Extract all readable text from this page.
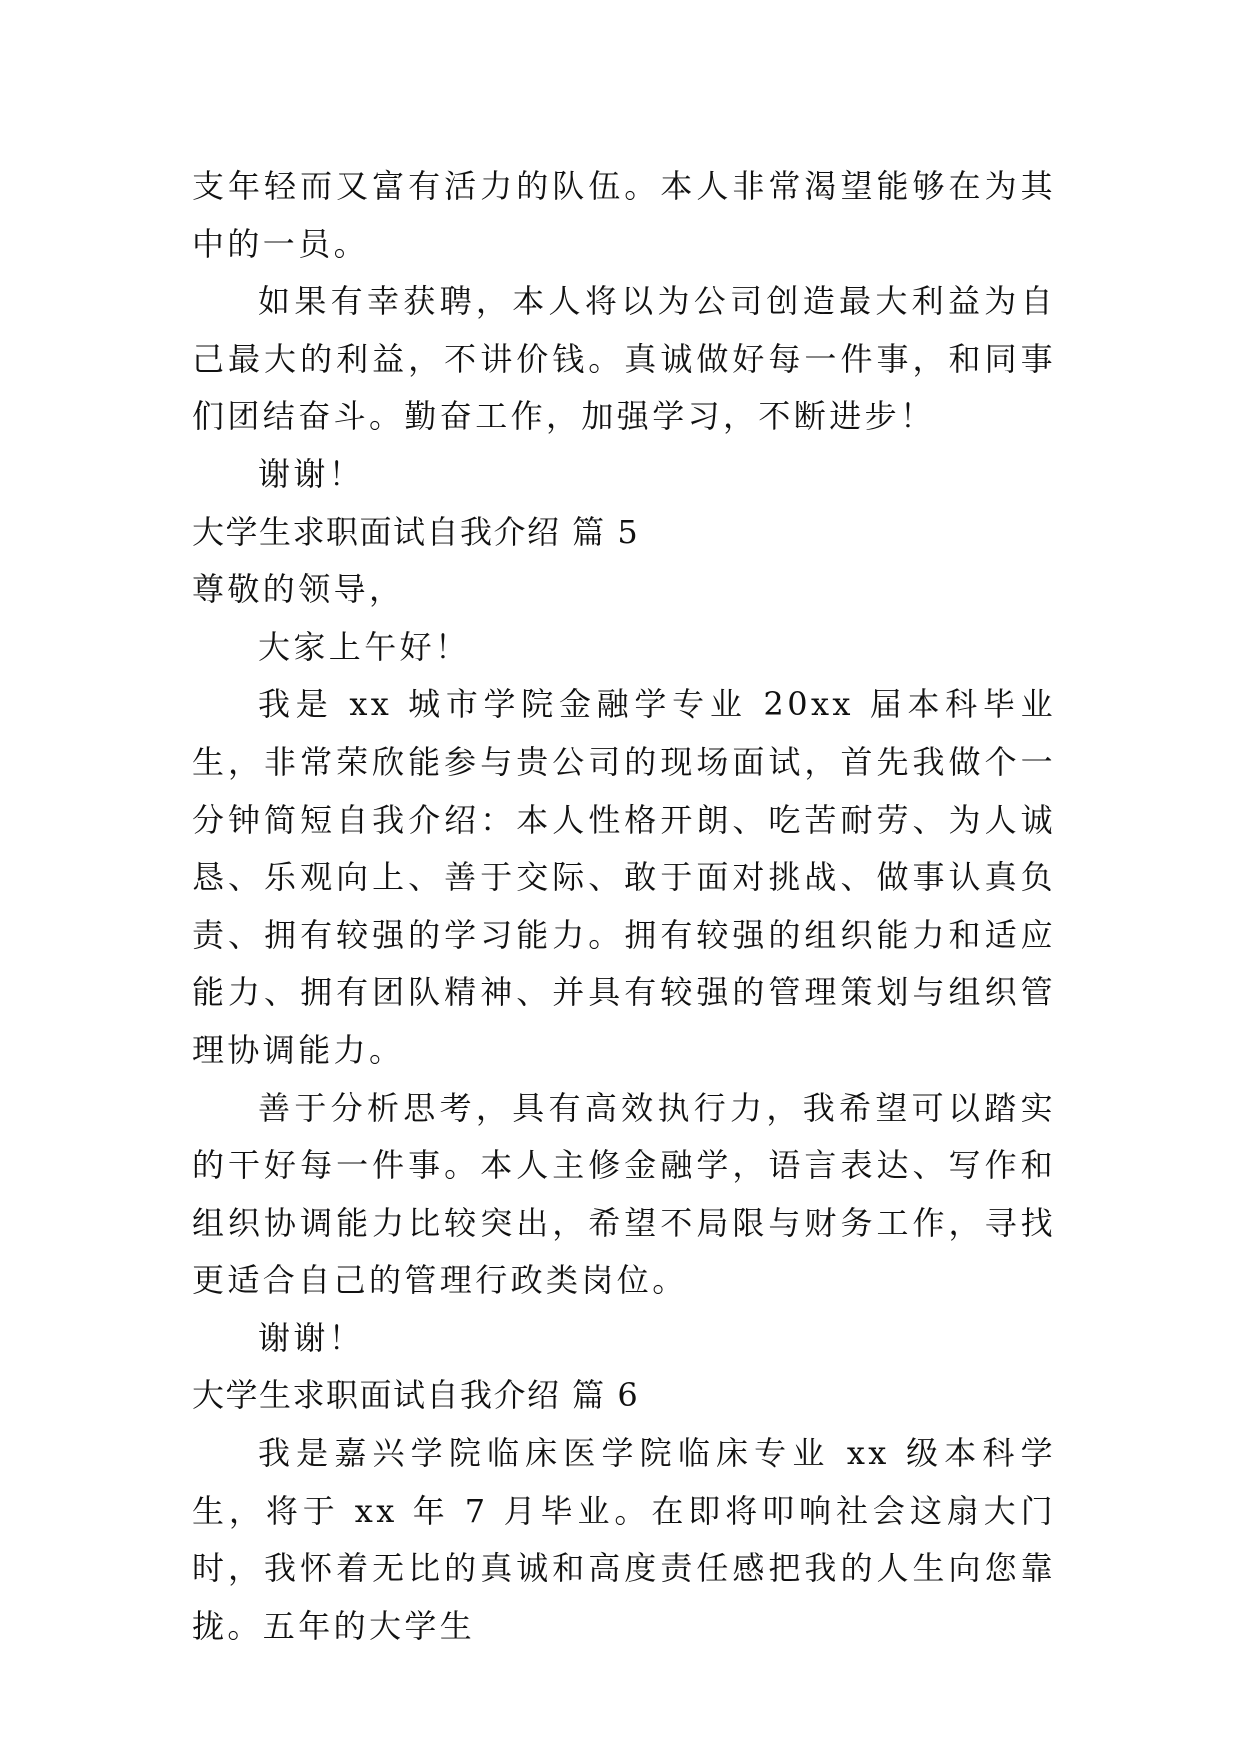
支年轻而又富有活力的队伍。本人非常渴望能够在为其中的一员。

如果有幸获聘，本人将以为公司创造最大利益为自己最大的利益，不讲价钱。真诚做好每一件事，和同事们团结奋斗。勤奋工作，加强学习，不断进步！

谢谢！

大学生求职面试自我介绍 篇 5

尊敬的领导，

大家上午好！

我是 xx 城市学院金融学专业 20xx 届本科毕业生，非常荣欣能参与贵公司的现场面试，首先我做个一分钟简短自我介绍：本人性格开朗、吃苦耐劳、为人诚恳、乐观向上、善于交际、敢于面对挑战、做事认真负责、拥有较强的学习能力。拥有较强的组织能力和适应能力、拥有团队精神、并具有较强的管理策划与组织管理协调能力。

善于分析思考，具有高效执行力，我希望可以踏实的干好每一件事。本人主修金融学，语言表达、写作和组织协调能力比较突出，希望不局限与财务工作，寻找更适合自己的管理行政类岗位。

谢谢！

大学生求职面试自我介绍 篇 6

我是嘉兴学院临床医学院临床专业 xx 级本科学生，将于 xx 年 7 月毕业。在即将叩响社会这扇大门时，我怀着无比的真诚和高度责任感把我的人生向您靠拢。五年的大学生
